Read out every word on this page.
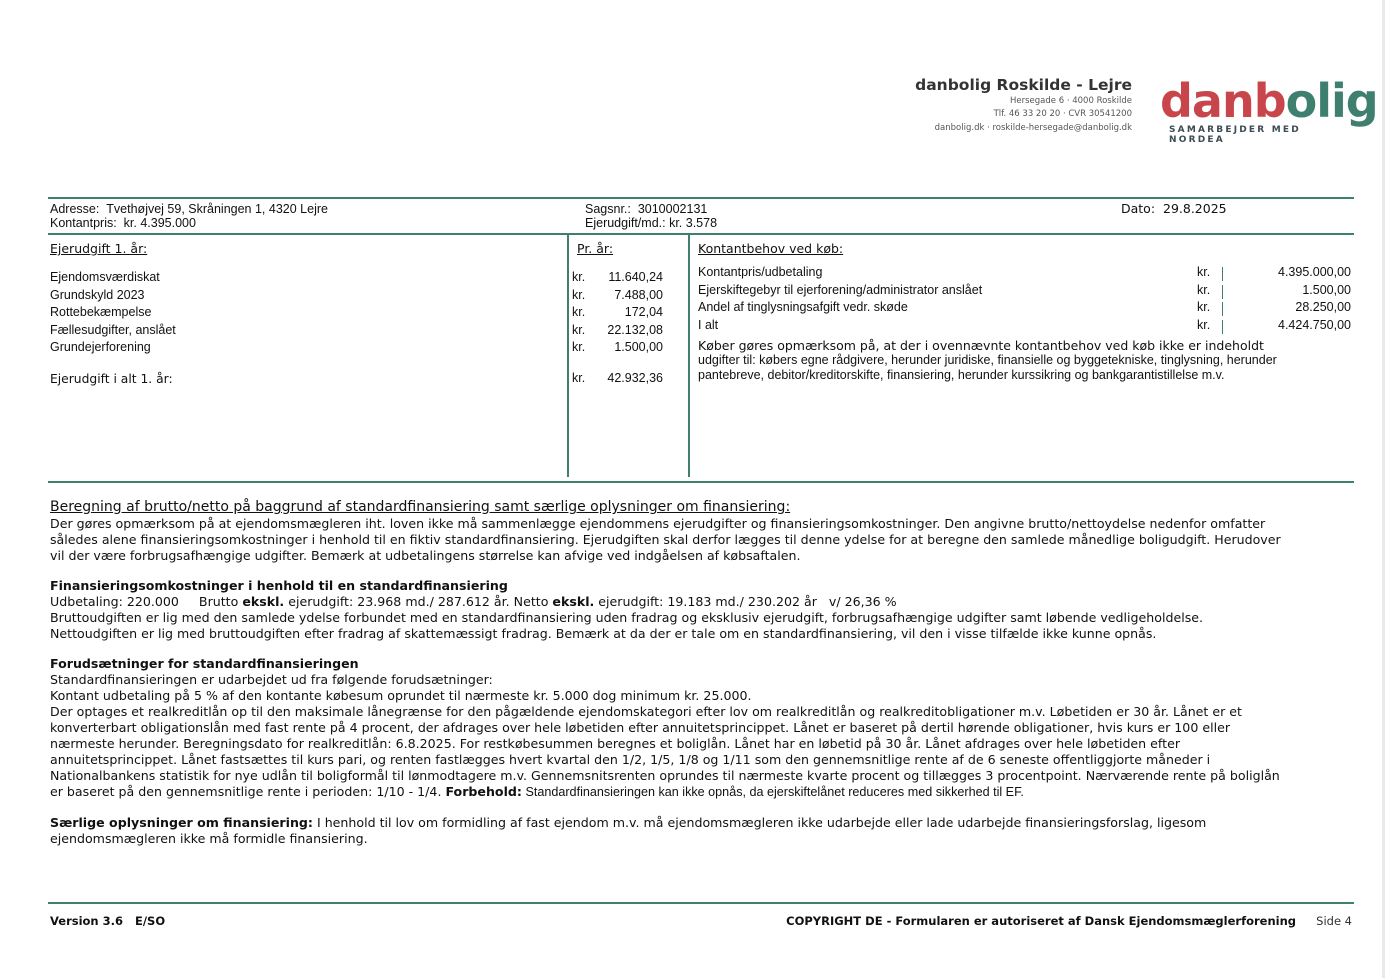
danbolig Roskilde - Lejre
Hersegade 6 · 4000 Roskilde
Tlf. 46 33 20 20 · CVR 30541200
danbolig.dk · roskilde-hersegade@danbolig.dk danbolig
SAMARBEJDER MED NORDEA
Adresse: Tvethøjvej 59, Skråningen 1, 4320 Lejre
Kontantpris: kr. 4.395.000
Sagsnr.: 3010002131
Ejerudgift/md.: kr. 3.578
Dato: 29.8.2025
Ejerudgift 1. år:	Pr. år:	Kontantbehov ved køb:
Ejendomsværdiskat	kr. 11.640,24
Grundskyld 2023	kr. 7.488,00
Rottebekæmpelse	kr.	172,04
Fællesudgifter, anslået	kr. 22.132,08
Grundejerforening	kr. 1.500,00
Ejerudgift i alt 1. år:	kr. 42.932,36
Kontantpris/udbetaling	kr.	4.395.000,00
Ejerskiftegebyr til ejerforening/administrator anslået	kr.	1.500,00
Andel af tinglysningsafgift vedr. skøde	kr.	28.250,00
I alt	kr.	4.424.750,00
Køber gøres opmærksom på, at der i ovennævnte kontantbehov ved køb ikke er indeholdt
udgifter til: købers egne rådgivere, herunder juridiske, finansielle og byggetekniske, tinglysning, herunder
pantebreve, debitor/kreditorskifte, finansiering, herunder kurssikring og bankgarantistillelse m.v.
Beregning af brutto/netto på baggrund af standardfinansiering samt særlige oplysninger om finansiering:
Der gøres opmærksom på at ejendomsmægleren iht. loven ikke må sammenlægge ejendommens ejerudgifter og finansieringsomkostninger. Den angivne brutto/nettoydelse nedenfor omfatter
således alene finansieringsomkostninger i henhold til en fiktiv standardfinansiering. Ejerudgiften skal derfor lægges til denne ydelse for at beregne den samlede månedlige boligudgift. Herudover
vil der være forbrugsafhængige udgifter. Bemærk at udbetalingens størrelse kan afvige ved indgåelsen af købsaftalen.
Finansieringsomkostninger i henhold til en standardfinansiering
Udbetaling: 220.000     Brutto ekskl. ejerudgift: 23.968 md./ 287.612 år. Netto ekskl. ejerudgift: 19.183 md./ 230.202 år   v/ 26,36 %
Bruttoudgiften er lig med den samlede ydelse forbundet med en standardfinansiering uden fradrag og eksklusiv ejerudgift, forbrugsafhængige udgifter samt løbende vedligeholdelse.
Nettoudgiften er lig med bruttoudgiften efter fradrag af skattemæssigt fradrag. Bemærk at da der er tale om en standardfinansiering, vil den i visse tilfælde ikke kunne opnås.
Forudsætninger for standardfinansieringen
Standardfinansieringen er udarbejdet ud fra følgende forudsætninger:
Kontant udbetaling på 5 % af den kontante købesum oprundet til nærmeste kr. 5.000 dog minimum kr. 25.000.
Der optages et realkreditlån op til den maksimale lånegrænse for den pågældende ejendomskategori efter lov om realkreditlån og realkreditobligationer m.v. Løbetiden er 30 år. Lånet er et
konverterbart obligationslån med fast rente på 4 procent, der afdrages over hele løbetiden efter annuitetsprincippet. Lånet er baseret på dertil hørende obligationer, hvis kurs er 100 eller
nærmeste herunder. Beregningsdato for realkreditlån: 6.8.2025. For restkøbesummen beregnes et boliglån. Lånet har en løbetid på 30 år. Lånet afdrages over hele løbetiden efter
annuitetsprincippet. Lånet fastsættes til kurs pari, og renten fastlægges hvert kvartal den 1/2, 1/5, 1/8 og 1/11 som den gennemsnitlige rente af de 6 seneste offentliggjorte måneder i
Nationalbankens statistik for nye udlån til boligformål til lønmodtagere m.v. Gennemsnitsrenten oprundes til nærmeste kvarte procent og tillægges 3 procentpoint. Nærværende rente på boliglån
er baseret på den gennemsnitlige rente i perioden: 1/10 - 1/4. Forbehold: Standardfinansieringen kan ikke opnås, da ejerskiftelånet reduceres med sikkerhed til EF.
Særlige oplysninger om finansiering: I henhold til lov om formidling af fast ejendom m.v. må ejendomsmægleren ikke udarbejde eller lade udarbejde finansieringsforslag, ligesom
ejendomsmægleren ikke må formidle finansiering.
Version 3.6   E/SO	COPYRIGHT DE - Formularen er autoriseret af Dansk Ejendomsmæglerforening Side 4
